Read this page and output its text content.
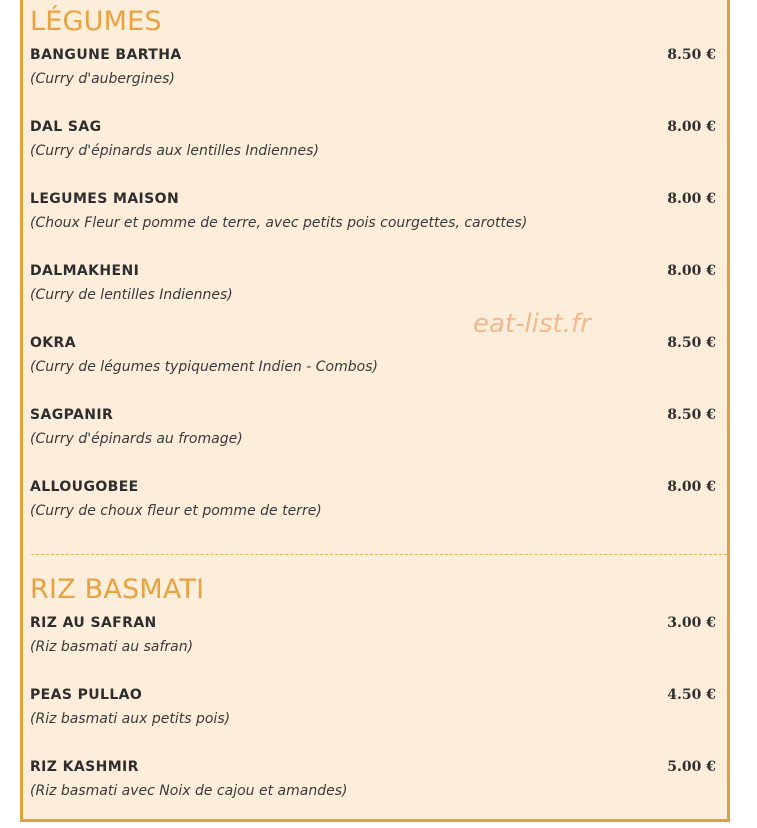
LÉGUMES
BANGUNE BARTHA	8.50 €
(Curry d'aubergines)
DAL SAG	8.00 €
(Curry d'épinards aux lentilles Indiennes)
LEGUMES MAISON	8.00 €
(Choux Fleur et pomme de terre, avec petits pois courgettes, carottes)
DALMAKHENI	8.00 €
(Curry de lentilles Indiennes)
OKRA	8.50 €
(Curry de légumes typiquement Indien - Combos)
SAGPANIR	8.50 €
(Curry d'épinards au fromage)
ALLOUGOBEE	8.00 €
(Curry de choux fleur et pomme de terre)
RIZ BASMATI
RIZ AU SAFRAN	3.00 €
(Riz basmati au safran)
PEAS PULLAO	4.50 €
(Riz basmati aux petits pois)
RIZ KASHMIR	5.00 €
(Riz basmati avec Noix de cajou et amandes)
eat-list.fr
